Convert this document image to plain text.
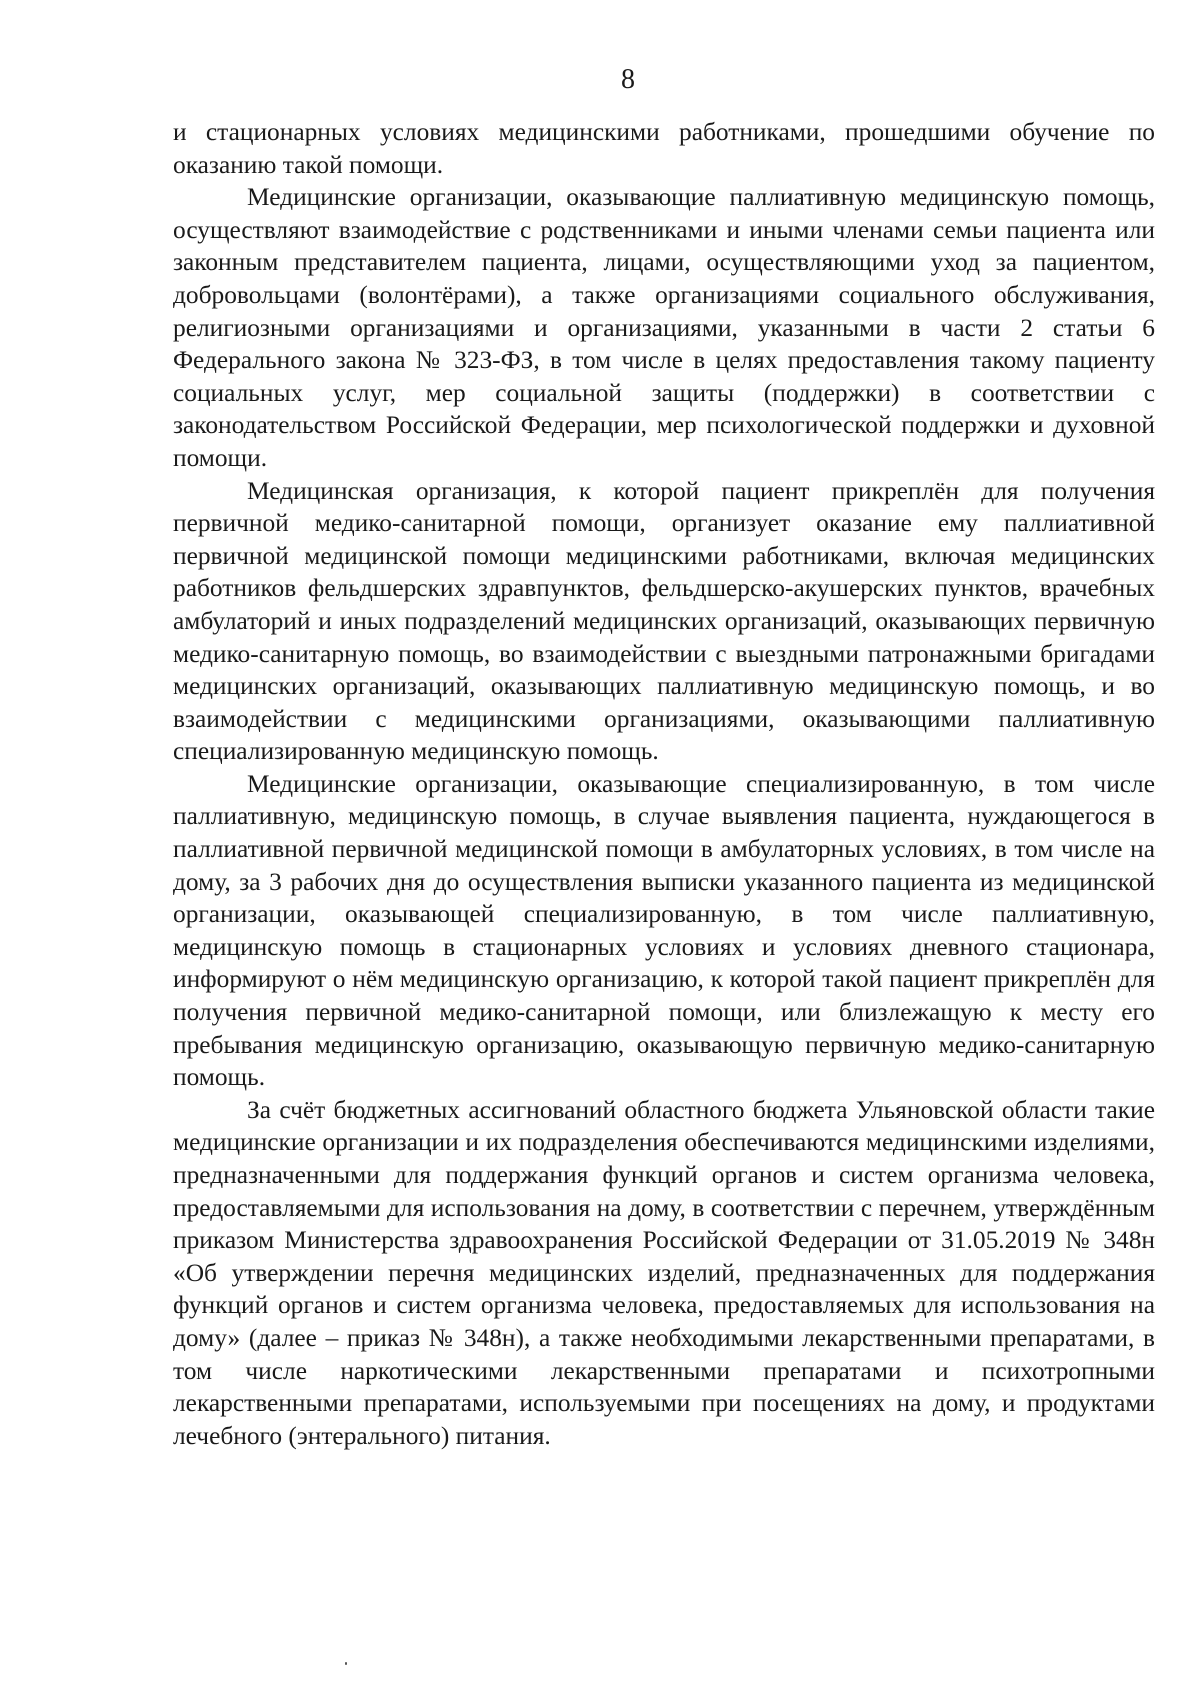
8

и стационарных условиях медицинскими работниками, прошедшими обучение по оказанию такой помощи.

Медицинские организации, оказывающие паллиативную медицинскую помощь, осуществляют взаимодействие с родственниками и иными членами семьи пациента или законным представителем пациента, лицами, осуществляющими уход за пациентом, добровольцами (волонтёрами), а также организациями социального обслуживания, религиозными организациями и организациями, указанными в части 2 статьи 6 Федерального закона № 323-ФЗ, в том числе в целях предоставления такому пациенту социальных услуг, мер социальной защиты (поддержки) в соответствии с законодательством Российской Федерации, мер психологической поддержки и духовной помощи.

Медицинская организация, к которой пациент прикреплён для получения первичной медико-санитарной помощи, организует оказание ему паллиативной первичной медицинской помощи медицинскими работниками, включая медицинских работников фельдшерских здравпунктов, фельдшерско-акушерских пунктов, врачебных амбулаторий и иных подразделений медицинских организаций, оказывающих первичную медико-санитарную помощь, во взаимодействии с выездными патронажными бригадами медицинских организаций, оказывающих паллиативную медицинскую помощь, и во взаимодействии с медицинскими организациями, оказывающими паллиативную специализированную медицинскую помощь.

Медицинские организации, оказывающие специализированную, в том числе паллиативную, медицинскую помощь, в случае выявления пациента, нуждающегося в паллиативной первичной медицинской помощи в амбулаторных условиях, в том числе на дому, за 3 рабочих дня до осуществления выписки указанного пациента из медицинской организации, оказывающей специализированную, в том числе паллиативную, медицинскую помощь в стационарных условиях и условиях дневного стационара, информируют о нём медицинскую организацию, к которой такой пациент прикреплён для получения первичной медико-санитарной помощи, или близлежащую к месту его пребывания медицинскую организацию, оказывающую первичную медико-санитарную помощь.

За счёт бюджетных ассигнований областного бюджета Ульяновской области такие медицинские организации и их подразделения обеспечиваются медицинскими изделиями, предназначенными для поддержания функций органов и систем организма человека, предоставляемыми для использования на дому, в соответствии с перечнем, утверждённым приказом Министерства здравоохранения Российской Федерации от 31.05.2019 № 348н «Об утверждении перечня медицинских изделий, предназначенных для поддержания функций органов и систем организма человека, предоставляемых для использования на дому» (далее – приказ № 348н), а также необходимыми лекарственными препаратами, в том числе наркотическими лекарственными препаратами и психотропными лекарственными препаратами, используемыми при посещениях на дому, и продуктами лечебного (энтерального) питания.
